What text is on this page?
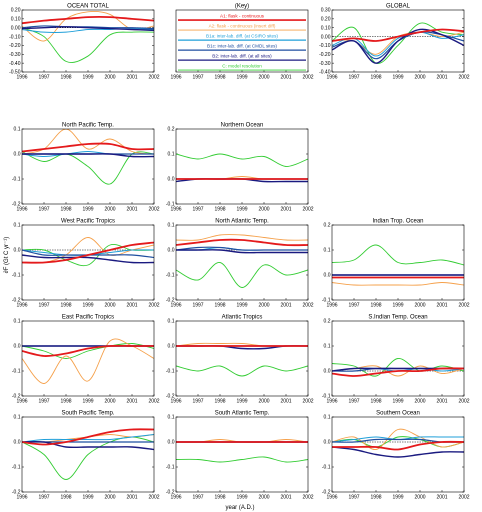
∂F (Gt C yr⁻¹)
year (A.D.)
OCEAN TOTAL
0.20
0.10
0.00
-0.10
-0.20
-0.30
-0.40
-0.50
1996 1997 1998 1999 2000 2001 2002
GLOBAL
0.30
0.20
0.10
0.00
-0.10
-0.20
-0.30
-0.40
1996 1997 1998 1999 2000 2001 2002
North Pacific Temp.
0.1
0.0
-0.1
-0.2
1996 1997 1998 1999 2000 2001 2002
Northern Ocean
0.2
0.1
0.0
-0.1
1996 1997 1998 1999 2000 2001 2002
West Pacific Tropics
0.1
0.0
-0.1
-0.2
1996 1997 1998 1999 2000 2001 2002
North Atlantic Temp.
0.1
0.0
-0.1
-0.2
1996 1997 1998 1999 2000 2001 2002
Indian Trop. Ocean
0.2
0.1
0.0
-0.1
1996 1997 1998 1999 2000 2001 2002
East Pacific Tropics
0.1
0.0
-0.1
-0.2
1996 1997 1998 1999 2000 2001 2002
Atlantic Tropics
0.1
0.0
-0.1
-0.2
1996 1997 1998 1999 2000 2001 2002
S.Indian Temp. Ocean
0.2
0.1
0.0
-0.1
1996 1997 1998 1999 2000 2001 2002
South Pacific Temp.
0.1
0.0
-0.1
-0.2
1996 1997 1998 1999 2000 2001 2002
South Atlantic Temp.
0.1
0.0
-0.1
-0.2
1996 1997 1998 1999 2000 2001 2002
Southern Ocean
0.1
0.0
-0.1
-0.2
1996 1997 1998 1999 2000 2001 2002
(Key)
1996 1997 1998 1999 2000 2001 2002
A1: flask - continuous
A2: flask - continuous (insert diff)
B1a: inter-lab. diff. (at CSIRO sites)
B1c: inter-lab. diff. (at CMDL sites)
B2: inter-lab. diff. (at all sites)
C: model resolution
